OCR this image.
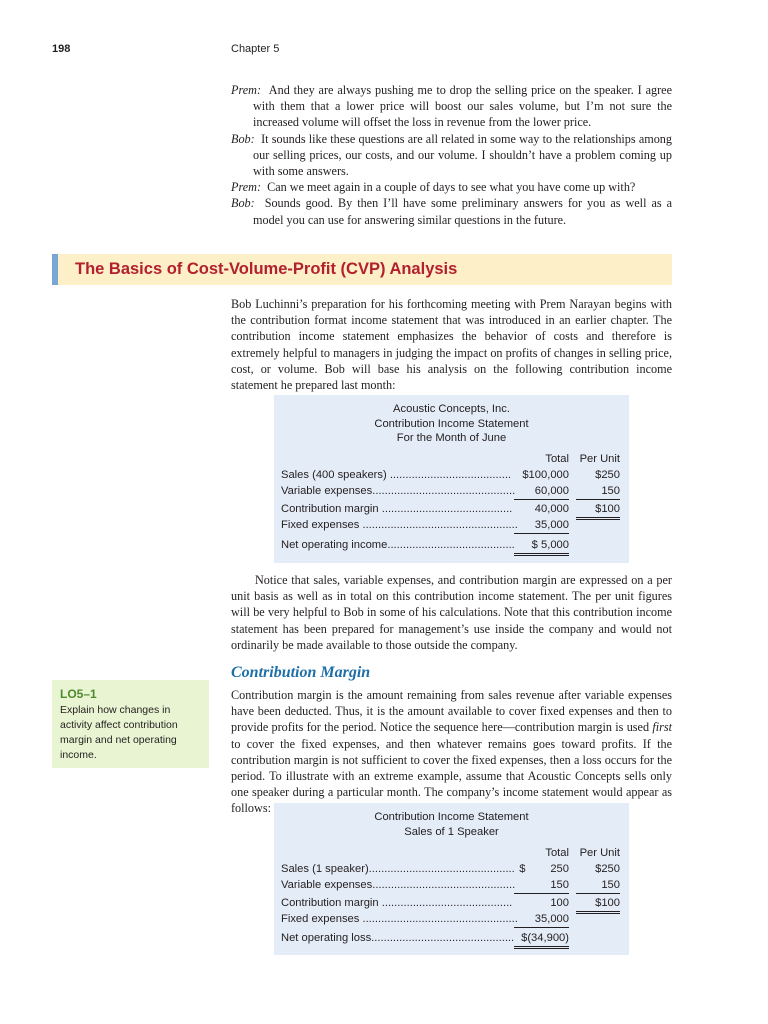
198	Chapter 5
Prem: And they are always pushing me to drop the selling price on the speaker. I agree with them that a lower price will boost our sales volume, but I’m not sure the increased volume will offset the loss in revenue from the lower price.
Bob: It sounds like these questions are all related in some way to the relationships among our selling prices, our costs, and our volume. I shouldn’t have a problem coming up with some answers.
Prem: Can we meet again in a couple of days to see what you have come up with?
Bob: Sounds good. By then I’ll have some preliminary answers for you as well as a model you can use for answering similar questions in the future.
The Basics of Cost-Volume-Profit (CVP) Analysis
Bob Luchinni’s preparation for his forthcoming meeting with Prem Narayan begins with the contribution format income statement that was introduced in an earlier chapter. The contribution income statement emphasizes the behavior of costs and therefore is extremely helpful to managers in judging the impact on profits of changes in selling price, cost, or volume. Bob will base his analysis on the following contribution income statement he prepared last month:
Acoustic Concepts, Inc.
Contribution Income Statement
For the Month of June
Total Per Unit
Sales (400 speakers) .......................................	$100,000	$250
Variable expenses..............................................	60,000	150
Contribution margin ..........................................	40,000	$100
Fixed expenses ..................................................	35,000
Net operating income.........................................	$ 5,000
Notice that sales, variable expenses, and contribution margin are expressed on a per unit basis as well as in total on this contribution income statement. The per unit figures will be very helpful to Bob in some of his calculations. Note that this contribution income statement has been prepared for management’s use inside the company and would not ordinarily be made available to those outside the company.
Contribution Margin
LO5–1
Explain how changes in activity affect contribution margin and net operating income.
Contribution margin is the amount remaining from sales revenue after variable expenses have been deducted. Thus, it is the amount available to cover fixed expenses and then to provide profits for the period. Notice the sequence here—contribution margin is used first to cover the fixed expenses, and then whatever remains goes toward profits. If the contribution margin is not sufficient to cover the fixed expenses, then a loss occurs for the period. To illustrate with an extreme example, assume that Acoustic Concepts sells only one speaker during a particular month. The company’s income statement would appear as follows:
Contribution Income Statement
Sales of 1 Speaker
Total Per Unit
Sales (1 speaker)............................................... $        250	$250
Variable expenses..............................................	150	150
Contribution margin ..........................................	100	$100
Fixed expenses ..................................................	35,000
Net operating loss.............................................. $(34,900)
